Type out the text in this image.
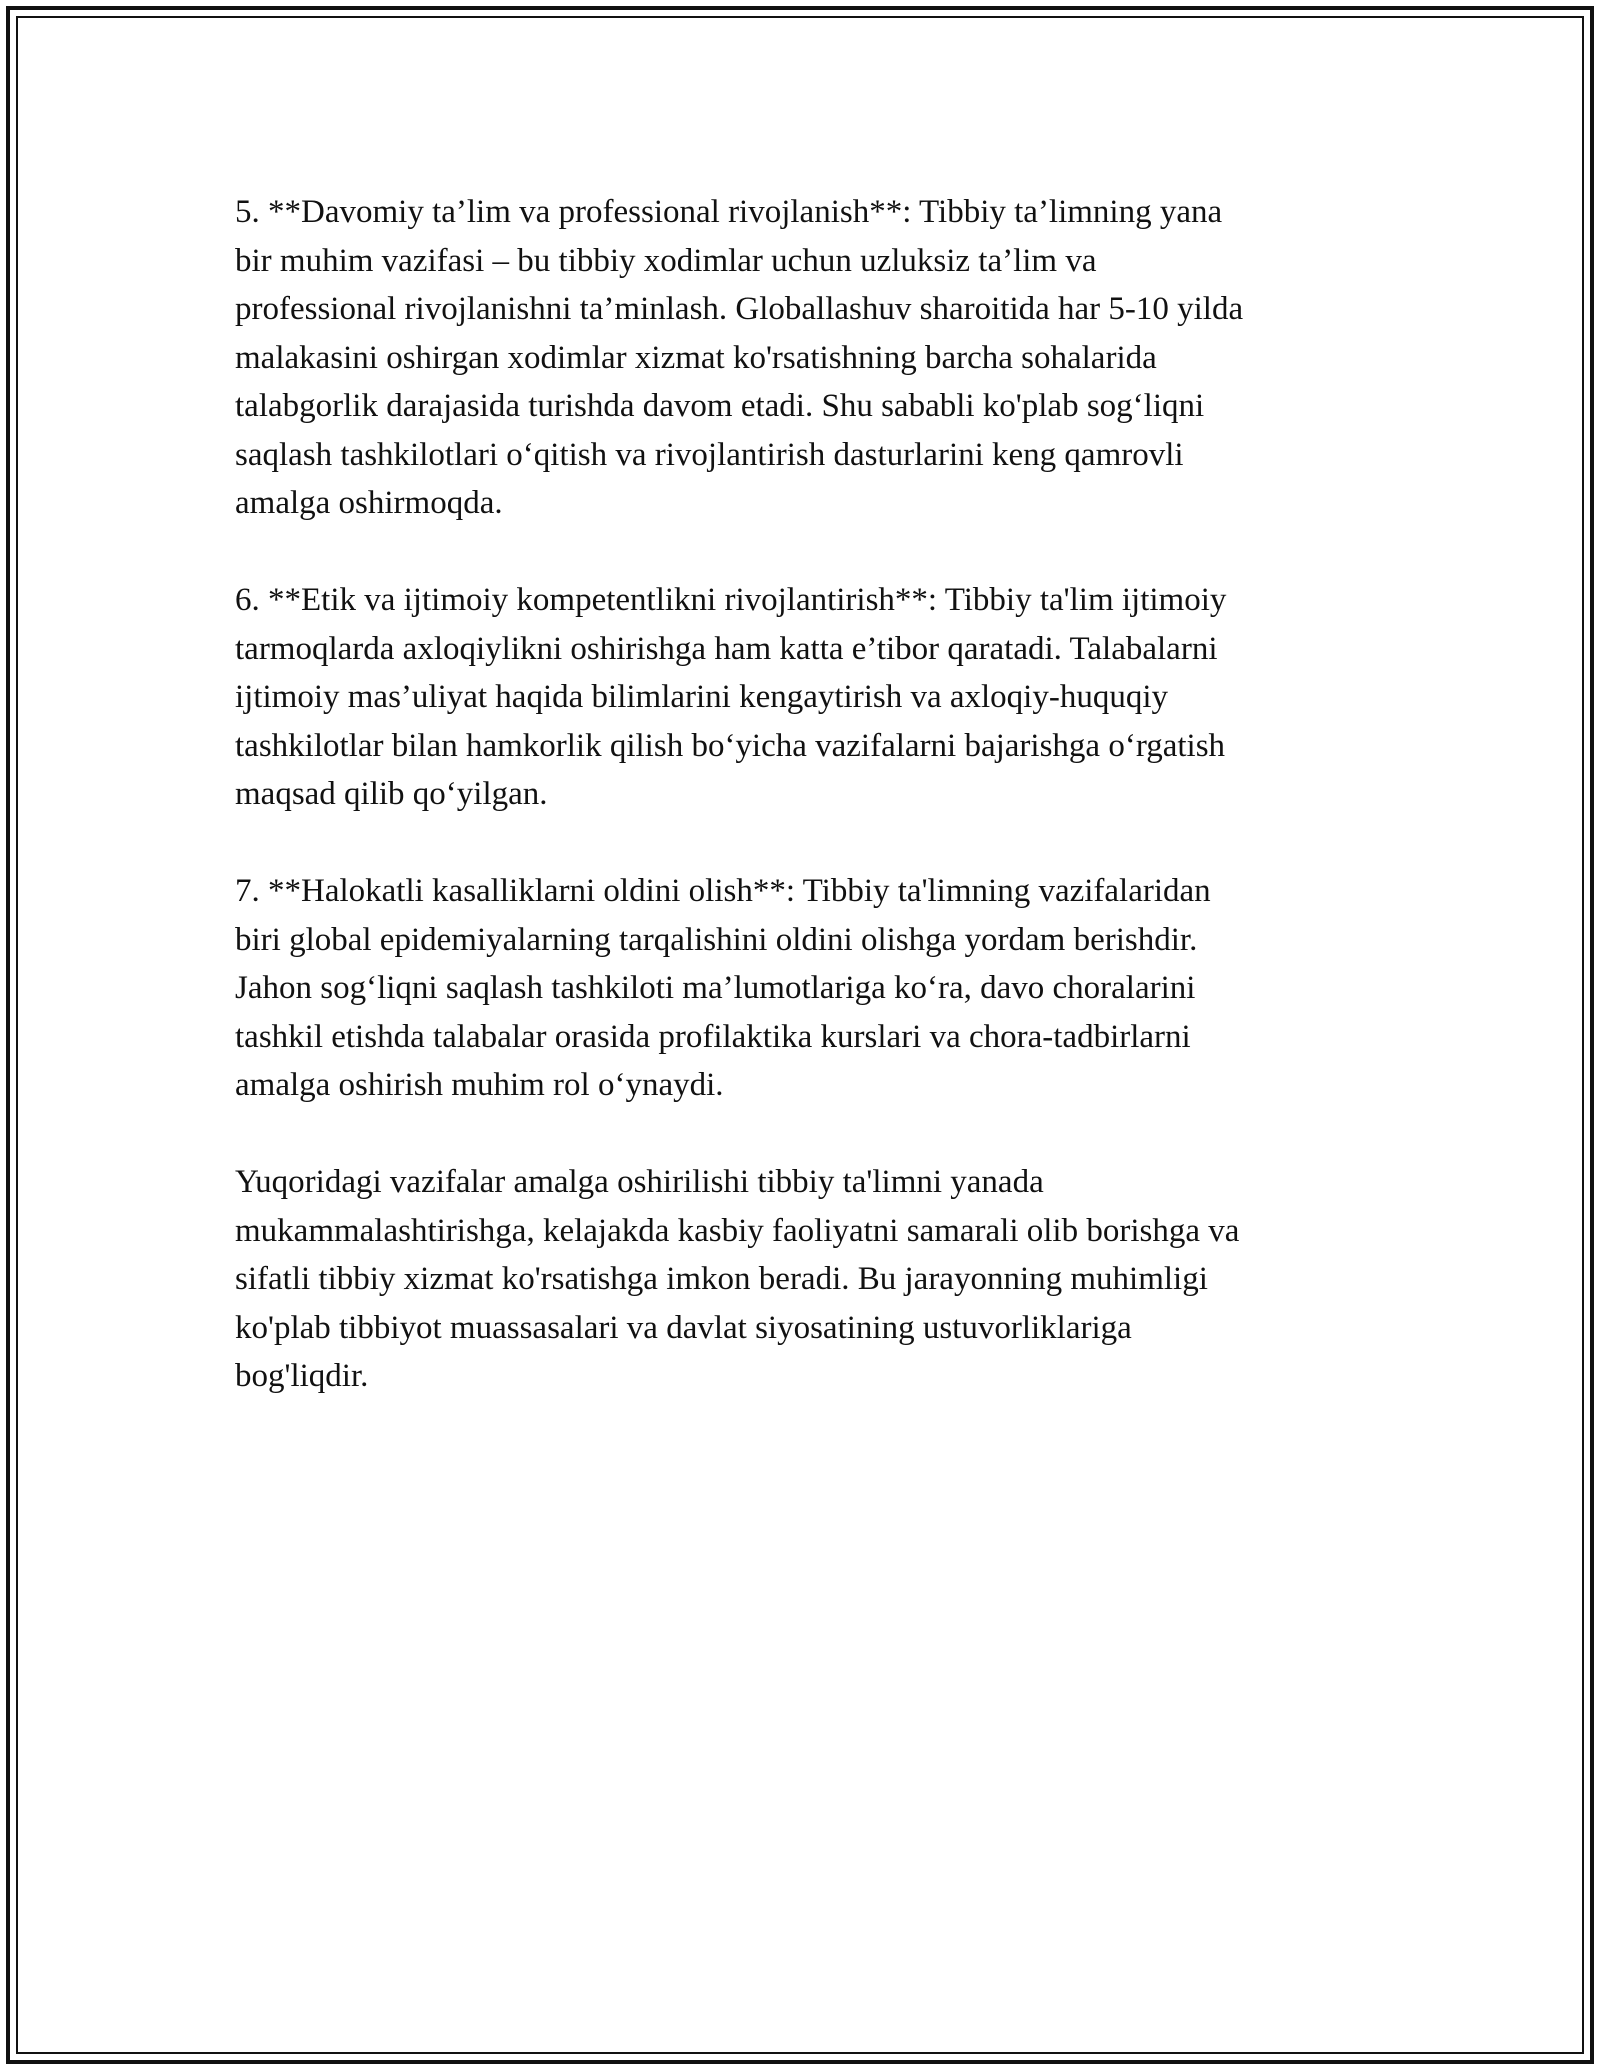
5. **Davomiy ta’lim va professional rivojlanish**: Tibbiy ta’limning yana
bir muhim vazifasi – bu tibbiy xodimlar uchun uzluksiz ta’lim va
professional rivojlanishni ta’minlash. Globallashuv sharoitida har 5-10 yilda
malakasini oshirgan xodimlar xizmat ko'rsatishning barcha sohalarida
talabgorlik darajasida turishda davom etadi. Shu sababli ko'plab sog‘liqni
saqlash tashkilotlari o‘qitish va rivojlantirish dasturlarini keng qamrovli
amalga oshirmoqda.

6. **Etik va ijtimoiy kompetentlikni rivojlantirish**: Tibbiy ta'lim ijtimoiy
tarmoqlarda axloqiylikni oshirishga ham katta e’tibor qaratadi. Talabalarni
ijtimoiy mas’uliyat haqida bilimlarini kengaytirish va axloqiy-huquqiy
tashkilotlar bilan hamkorlik qilish bo‘yicha vazifalarni bajarishga o‘rgatish
maqsad qilib qo‘yilgan.

7. **Halokatli kasalliklarni oldini olish**: Tibbiy ta'limning vazifalaridan
biri global epidemiyalarning tarqalishini oldini olishga yordam berishdir.
Jahon sog‘liqni saqlash tashkiloti ma’lumotlariga ko‘ra, davo choralarini
tashkil etishda talabalar orasida profilaktika kurslari va chora-tadbirlarni
amalga oshirish muhim rol o‘ynaydi.

Yuqoridagi vazifalar amalga oshirilishi tibbiy ta'limni yanada
mukammalashtirishga, kelajakda kasbiy faoliyatni samarali olib borishga va
sifatli tibbiy xizmat ko'rsatishga imkon beradi. Bu jarayonning muhimligi
ko'plab tibbiyot muassasalari va davlat siyosatining ustuvorliklariga
bog'liqdir.
